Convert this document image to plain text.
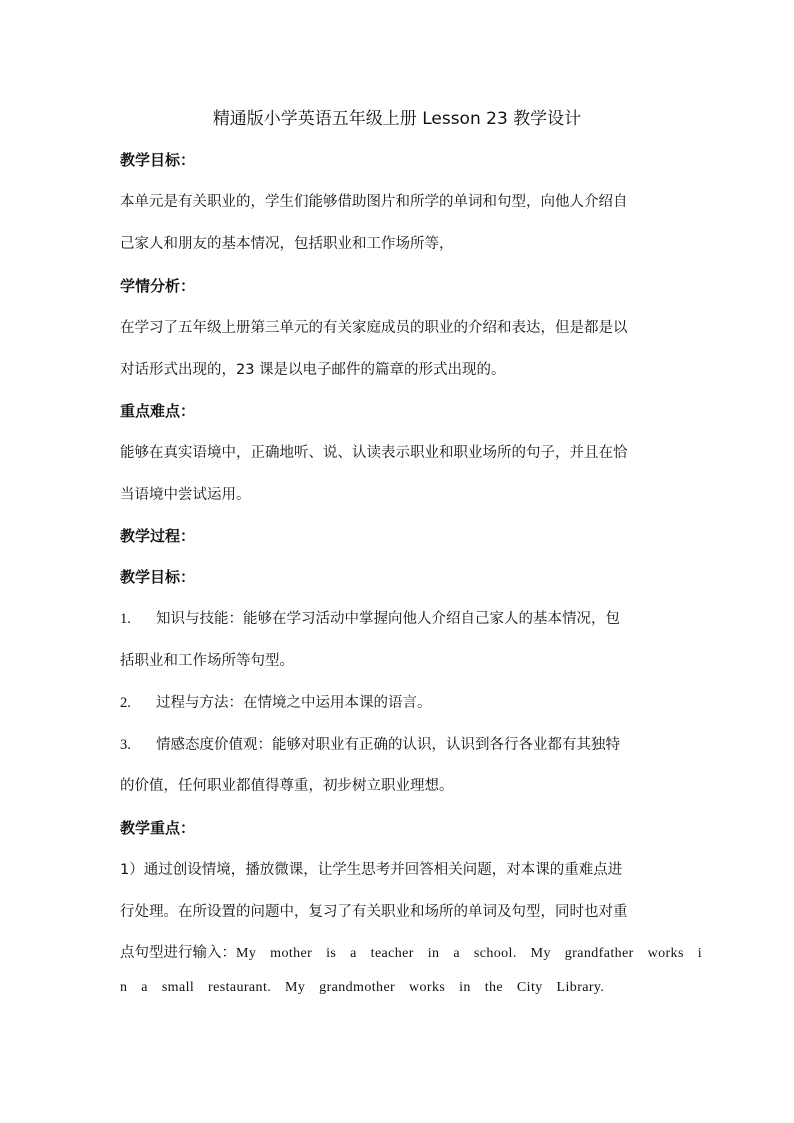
精通版小学英语五年级上册 Lesson 23 教学设计
教学目标：
本单元是有关职业的，学生们能够借助图片和所学的单词和句型，向他人介绍自
己家人和朋友的基本情况，包括职业和工作场所等，
学情分析：
在学习了五年级上册第三单元的有关家庭成员的职业的介绍和表达，但是都是以
对话形式出现的，23 课是以电子邮件的篇章的形式出现的。
重点难点：
能够在真实语境中，正确地听、说、认读表示职业和职业场所的句子，并且在恰
当语境中尝试运用。
教学过程：
教学目标：
1. 知识与技能：能够在学习活动中掌握向他人介绍自己家人的基本情况，包
括职业和工作场所等句型。
2. 过程与方法：在情境之中运用本课的语言。
3. 情感态度价值观：能够对职业有正确的认识，认识到各行各业都有其独特
的价值，任何职业都值得尊重，初步树立职业理想。
教学重点：
1）通过创设情境，播放微课，让学生思考并回答相关问题，对本课的重难点进
行处理。在所设置的问题中，复习了有关职业和场所的单词及句型，同时也对重
点句型进行输入：My mother is a teacher in a school. My grandfather works i
n a small restaurant. My grandmother works in the City Library.
